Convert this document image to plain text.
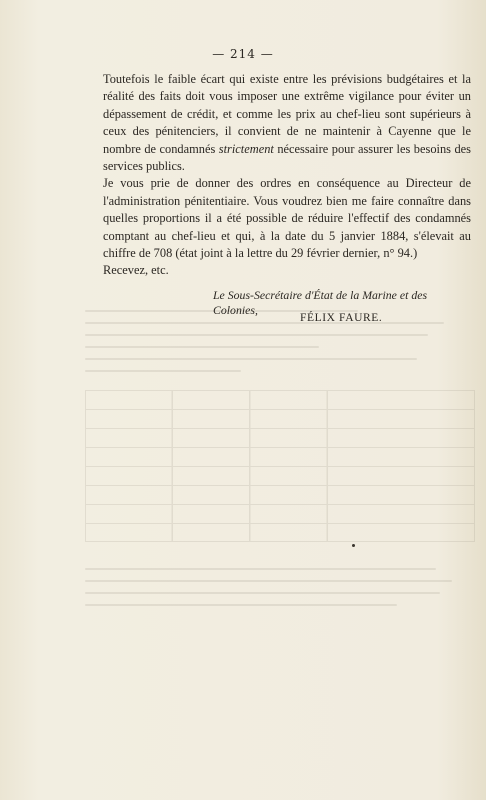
— 214 —

Toutefois le faible écart qui existe entre les prévisions budgétaires et la réalité des faits doit vous imposer une extrême vigilance pour éviter un dépassement de crédit, et comme les prix au chef-lieu sont supérieurs à ceux des pénitenciers, il convient de ne maintenir à Cayenne que le nombre de condamnés strictement nécessaire pour assurer les besoins des services publics.

Je vous prie de donner des ordres en conséquence au Directeur de l'administration pénitentiaire. Vous voudrez bien me faire connaître dans quelles proportions il a été possible de réduire l'effectif des condamnés comptant au chef-lieu et qui, à la date du 5 janvier 1884, s'élevait au chiffre de 708 (état joint à la lettre du 29 février dernier, n° 94.)

Recevez, etc.

Le Sous-Secrétaire d'État de la Marine et des Colonies,
FÉLIX FAURE.
